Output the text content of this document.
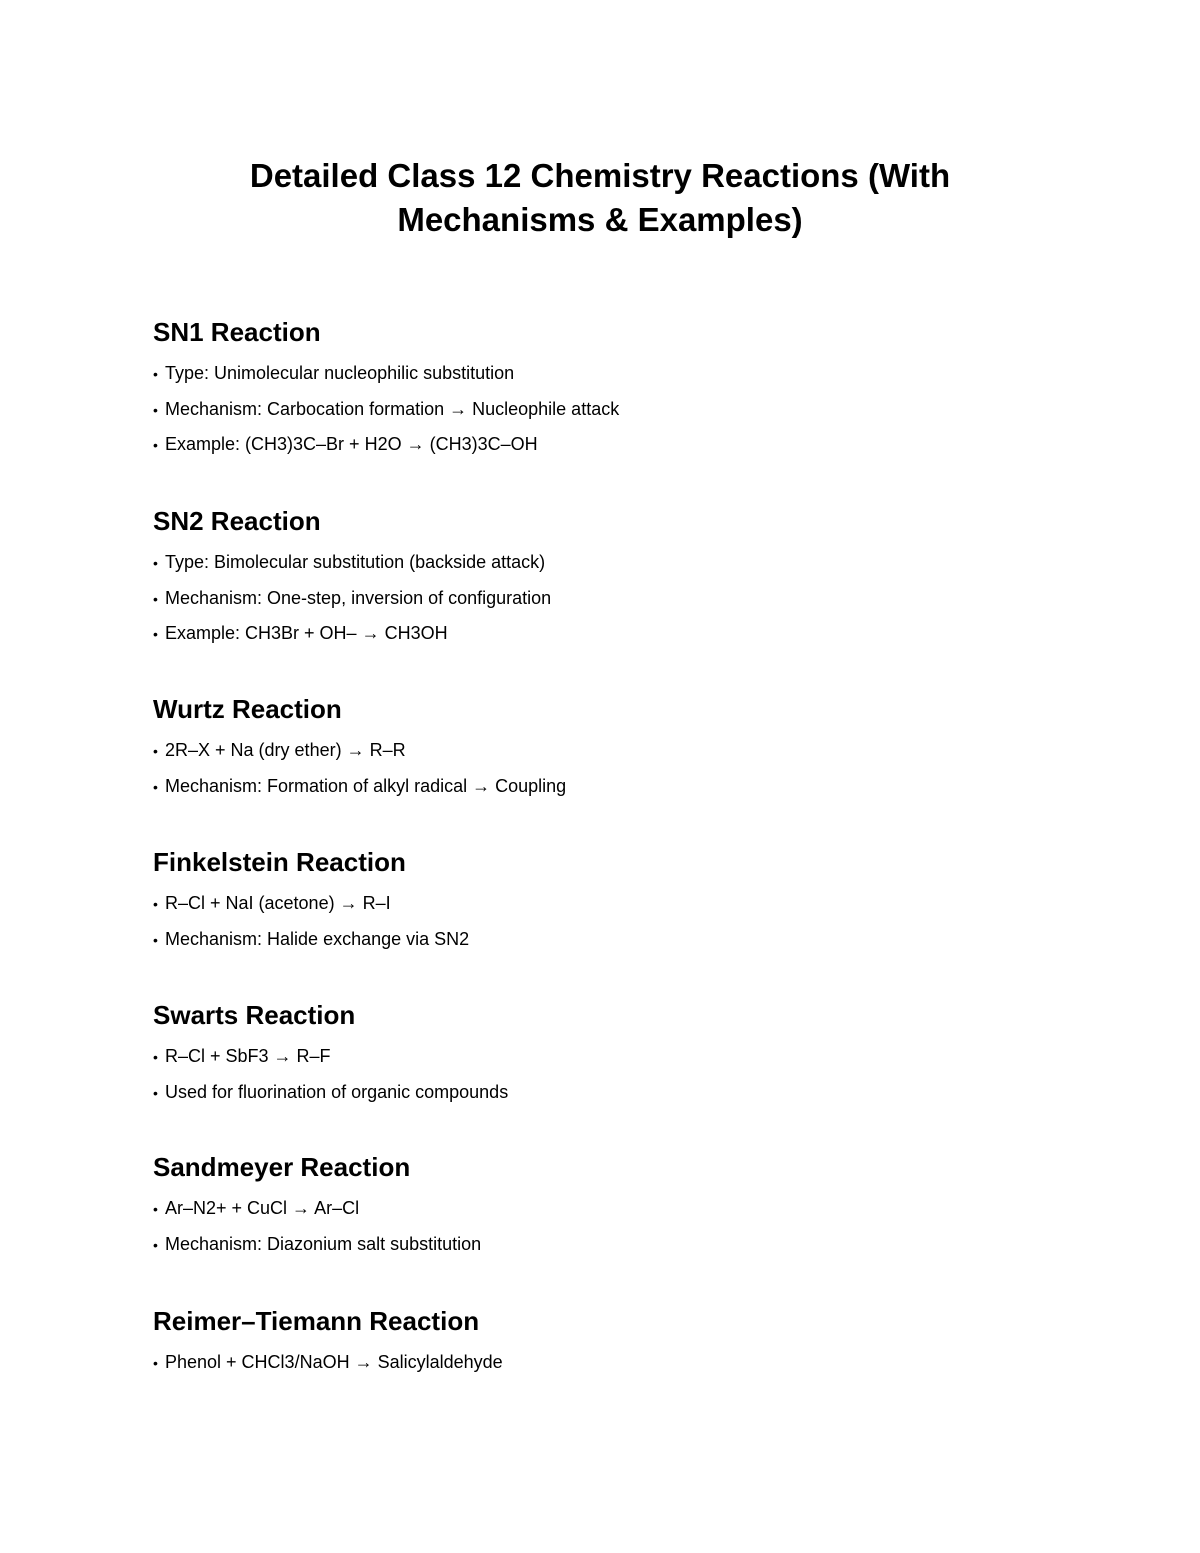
Detailed Class 12 Chemistry Reactions (With
Mechanisms & Examples)
SN1 Reaction
• Type: Unimolecular nucleophilic substitution
• Mechanism: Carbocation formation → Nucleophile attack
• Example: (CH3)3C–Br + H2O → (CH3)3C–OH
SN2 Reaction
• Type: Bimolecular substitution (backside attack)
• Mechanism: One-step, inversion of configuration
• Example: CH3Br + OH– → CH3OH
Wurtz Reaction
• 2R–X + Na (dry ether) → R–R
• Mechanism: Formation of alkyl radical → Coupling
Finkelstein Reaction
• R–Cl + NaI (acetone) → R–I
• Mechanism: Halide exchange via SN2
Swarts Reaction
• R–Cl + SbF3 → R–F
• Used for fluorination of organic compounds
Sandmeyer Reaction
• Ar–N2+ + CuCl → Ar–Cl
• Mechanism: Diazonium salt substitution
Reimer–Tiemann Reaction
• Phenol + CHCl3/NaOH → Salicylaldehyde
